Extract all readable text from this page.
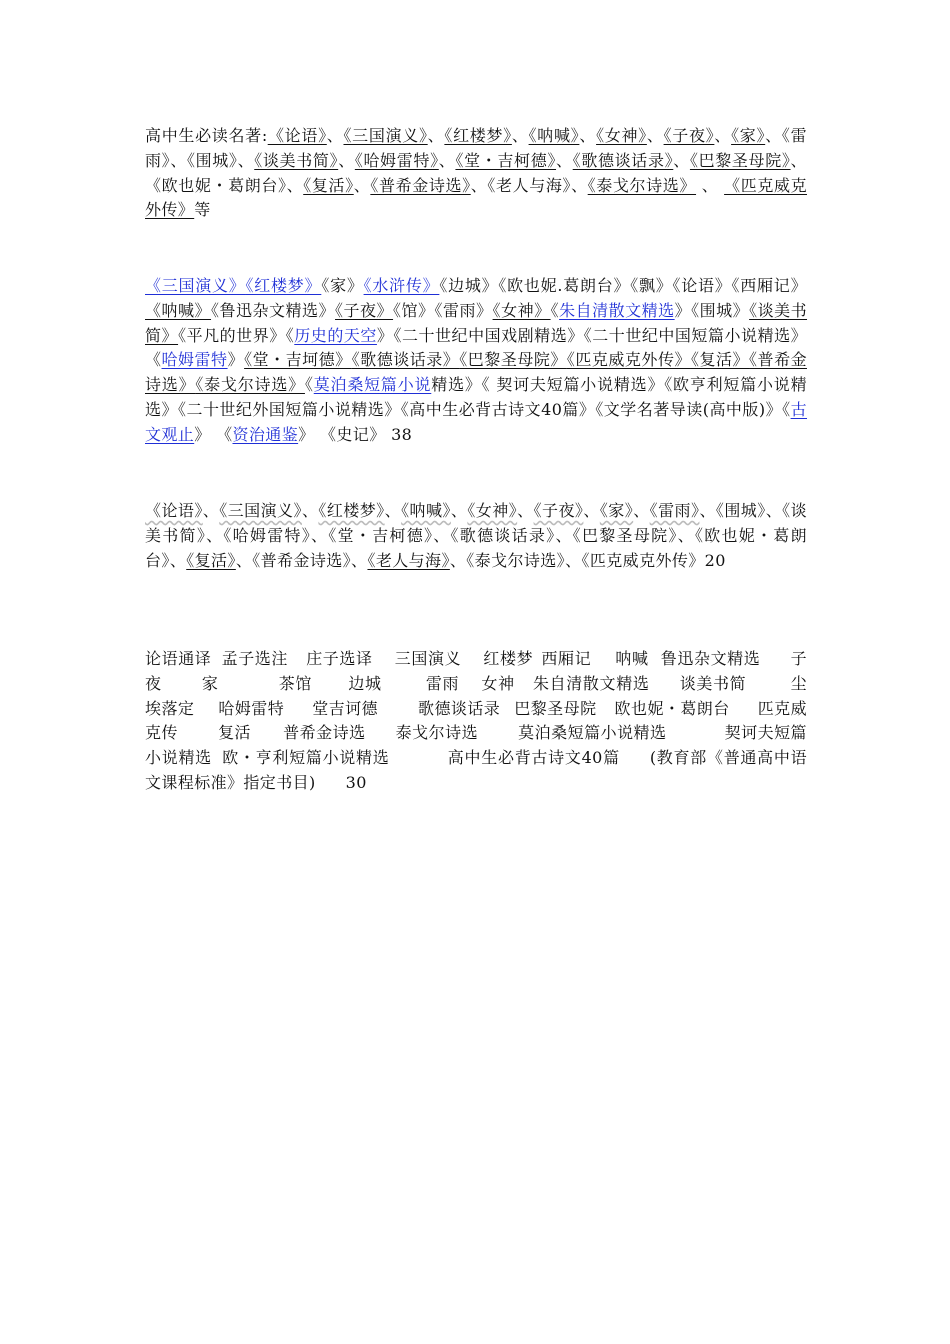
高中生必读名著:《论语》、《三国演义》、《红楼梦》、《呐喊》、《女神》、《子夜》、《家》、《雷雨》、《围城》、《谈美书简》、《哈姆雷特》、《堂・吉柯德》、《歌德谈话录》、《巴黎圣母院》、《欧也妮・葛朗台》、《复活》、《普希金诗选》、《老人与海》、《泰戈尔诗选》 、 《匹克威克外传》等
《三国演义》《红楼梦》《家》《水浒传》《边城》《欧也妮.葛朗台》《飘》《论语》《西厢记》《呐喊》《鲁迅杂文精选》《子夜》《馆》《雷雨》《女神》《朱自清散文精选》《围城》《谈美书简》《平凡的世界》《历史的天空》《二十世纪中国戏剧精选》《二十世纪中国短篇小说精选》《哈姆雷特》《堂・吉坷德》《歌德谈话录》《巴黎圣母院》《匹克威克外传》《复活》《普希金诗选》《泰戈尔诗选》《莫泊桑短篇小说精选》《 契诃夫短篇小说精选》《欧亨利短篇小说精选》《二十世纪外国短篇小说精选》《高中生必背古诗文40篇》《文学名著导读(高中版)》《古文观止》 《资治通鉴》 《史记》 38
《论语》、《三国演义》、《红楼梦》、《呐喊》、《女神》、《子夜》、《家》、《雷雨》、《围城》、《谈美书简》、《哈姆雷特》、《堂・吉柯德》、《歌德谈话录》、《巴黎圣母院》、《欧也妮・葛朗台》、《复活》、《普希金诗选》、《老人与海》、《泰戈尔诗选》、《匹克威克外传》20
论语通译 孟子选注 庄子选译 三国演义 红楼梦 西厢记 呐喊 鲁迅杂文精选 子夜	家	茶馆 边城	雷雨 女神 朱自清散文精选 谈美书简	尘埃落定 哈姆雷特 堂吉诃德	歌德谈话录 巴黎圣母院 欧也妮・葛朗台 匹克威克传	复活 普希金诗选 泰戈尔诗选	莫泊桑短篇小说精选	契诃夫短篇小说精选 欧・亨利短篇小说精选	高中生必背古诗文40篇 (教育部《普通高中语文课程标准》指定书目) 30
